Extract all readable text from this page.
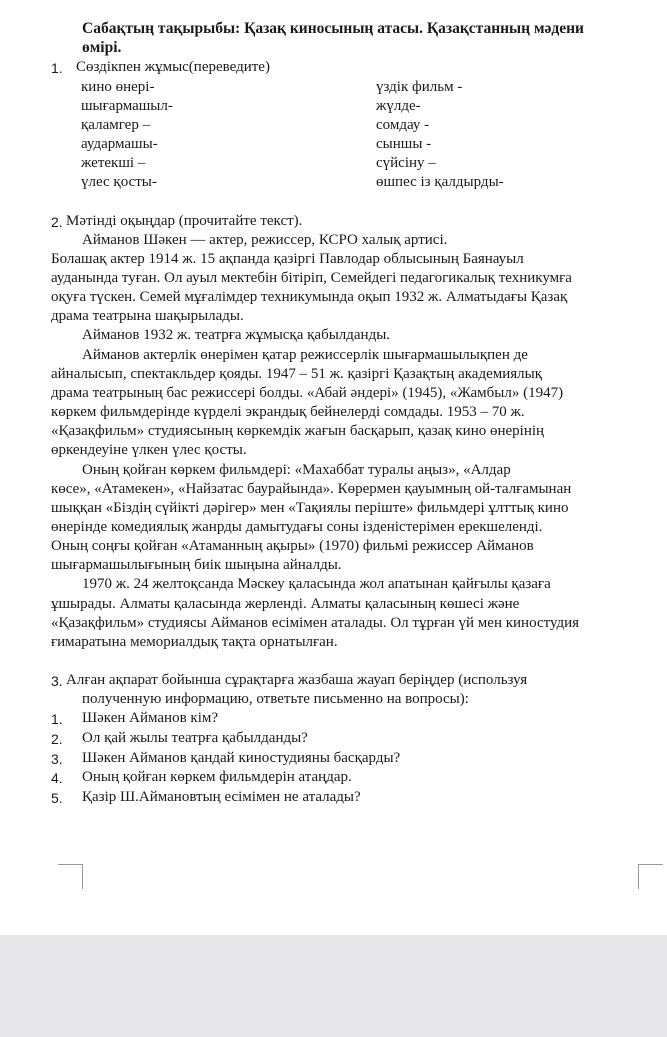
Сабақтың тақырыбы: Қазақ киносының атасы. Қазақстанның мәдени
өмірі.
1. Сөздікпен жұмыс(переведите)
кино өнері-
шығармашыл-
қаламгер –
аудармашы-
жетекші –
үлес қосты-
үздік фильм -
жүлде-
сомдау -
сыншы -
сүйсіну –
өшпес із қалдырды-
2. Мәтінді оқыңдар (прочитайте текст).
Айманов Шәкен — актер, режиссер, КСРО халық артисі.
Болашақ актер 1914 ж. 15 ақпанда қазіргі Павлодар облысының Баянауыл
ауданында туған. Ол ауыл мектебін бітіріп, Семейдегі педагогикалық техникумға
оқуға түскен. Семей мұғалімдер техникумында оқып 1932 ж. Алматыдағы Қазақ
драма театрына шақырылады.
Айманов 1932 ж. театрға жұмысқа қабылданды.
Айманов актерлік өнерімен қатар режиссерлік шығармашылықпен де
айналысып, спектакльдер қояды. 1947 – 51 ж. қазіргі Қазақтың академиялық
драма театрының бас режиссері болды. «Абай әндері» (1945), «Жамбыл» (1947)
көркем фильмдерінде күрделі экрандық бейнелерді сомдады. 1953 – 70 ж.
«Қазақфильм» студиясының көркемдік жағын басқарып, қазақ кино өнерінің
өркендеуіне үлкен үлес қосты.
Оның қойған көркем фильмдері: «Махаббат туралы аңыз», «Алдар
көсе», «Атамекен», «Найзатас баурайында». Көрермен қауымның ой-талғамынан
шыққан «Біздің сүйікті дәрігер» мен «Тақиялы періште» фильмдері ұлттық кино
өнерінде комедиялық жанрды дамытудағы соны ізденістерімен ерекшеленді.
Оның соңғы қойған «Атаманның ақыры» (1970) фильмі режиссер Айманов
шығармашылығының биік шыңына айналды.
1970 ж. 24 желтоқсанда Мәскеу қаласында жол апатынан қайғылы қазаға
ұшырады. Алматы қаласында жерленді. Алматы қаласының көшесі және
«Қазақфильм» студиясы Айманов есімімен аталады. Ол тұрған үй мен киностудия
ғимаратына мемориалдық тақта орнатылған.
3. Алған ақпарат бойынша сұрақтарға жазбаша жауап беріңдер (используя
полученную информацию, ответьте письменно на вопросы):
1. Шәкен Айманов кім?
2. Ол қай жылы театрға қабылданды?
3. Шәкен Айманов қандай киностудияны басқарды?
4. Оның қойған көркем фильмдерін атаңдар.
5. Қазір Ш.Аймановтың есімімен не аталады?
